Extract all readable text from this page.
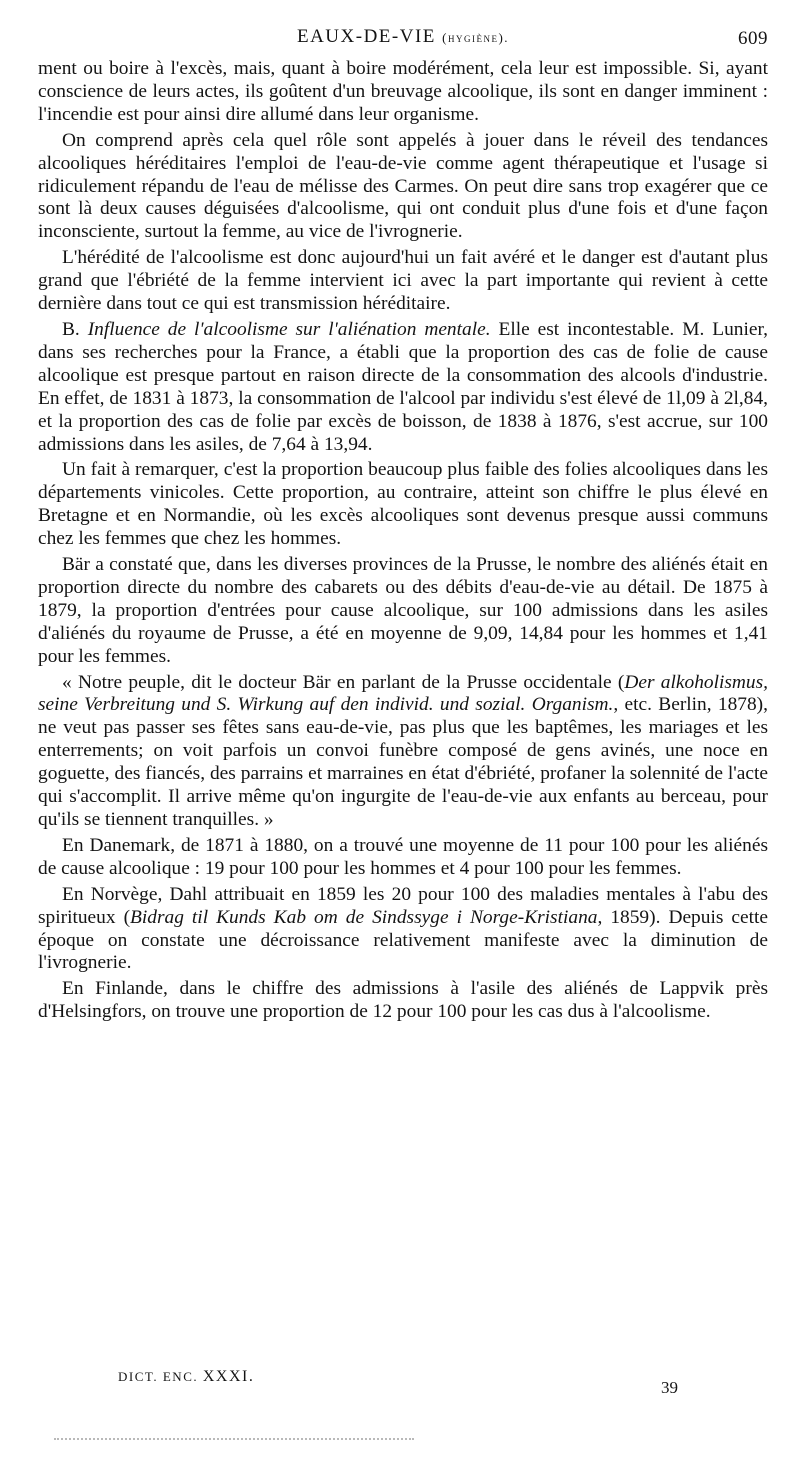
EAUX-DE-VIE (hygiène).	609

ment ou boire à l'excès, mais, quant à boire modérément, cela leur est impossible. Si, ayant conscience de leurs actes, ils goûtent d'un breuvage alcoolique, ils sont en danger imminent : l'incendie est pour ainsi dire allumé dans leur organisme.

On comprend après cela quel rôle sont appelés à jouer dans le réveil des tendances alcooliques héréditaires l'emploi de l'eau-de-vie comme agent thérapeutique et l'usage si ridiculement répandu de l'eau de mélisse des Carmes. On peut dire sans trop exagérer que ce sont là deux causes déguisées d'alcoolisme, qui ont conduit plus d'une fois et d'une façon inconsciente, surtout la femme, au vice de l'ivrognerie.

L'hérédité de l'alcoolisme est donc aujourd'hui un fait avéré et le danger est d'autant plus grand que l'ébriété de la femme intervient ici avec la part importante qui revient à cette dernière dans tout ce qui est transmission héréditaire.

B. Influence de l'alcoolisme sur l'aliénation mentale. Elle est incontestable. M. Lunier, dans ses recherches pour la France, a établi que la proportion des cas de folie de cause alcoolique est presque partout en raison directe de la consommation des alcools d'industrie. En effet, de 1831 à 1873, la consommation de l'alcool par individu s'est élevé de 1l,09 à 2l,84, et la proportion des cas de folie par excès de boisson, de 1838 à 1876, s'est accrue, sur 100 admissions dans les asiles, de 7,64 à 13,94.

Un fait à remarquer, c'est la proportion beaucoup plus faible des folies alcooliques dans les départements vinicoles. Cette proportion, au contraire, atteint son chiffre le plus élevé en Bretagne et en Normandie, où les excès alcooliques sont devenus presque aussi communs chez les femmes que chez les hommes.

Bär a constaté que, dans les diverses provinces de la Prusse, le nombre des aliénés était en proportion directe du nombre des cabarets ou des débits d'eau-de-vie au détail. De 1875 à 1879, la proportion d'entrées pour cause alcoolique, sur 100 admissions dans les asiles d'aliénés du royaume de Prusse, a été en moyenne de 9,09, 14,84 pour les hommes et 1,41 pour les femmes.

« Notre peuple, dit le docteur Bär en parlant de la Prusse occidentale (Der alkoholismus, seine Verbreitung und S. Wirkung auf den individ. und sozial. Organism., etc. Berlin, 1878), ne veut pas passer ses fêtes sans eau-de-vie, pas plus que les baptêmes, les mariages et les enterrements; on voit parfois un convoi funèbre composé de gens avinés, une noce en goguette, des fiancés, des parrains et marraines en état d'ébriété, profaner la solennité de l'acte qui s'accomplit. Il arrive même qu'on ingurgite de l'eau-de-vie aux enfants au berceau, pour qu'ils se tiennent tranquilles. »

En Danemark, de 1871 à 1880, on a trouvé une moyenne de 11 pour 100 pour les aliénés de cause alcoolique : 19 pour 100 pour les hommes et 4 pour 100 pour les femmes.

En Norvège, Dahl attribuait en 1859 les 20 pour 100 des maladies mentales à l'abu des spiritueux (Bidrag til Kunds Kab om de Sindssyge i Norge-Kristiana, 1859). Depuis cette époque on constate une décroissance relativement manifeste avec la diminution de l'ivrognerie.

En Finlande, dans le chiffre des admissions à l'asile des aliénés de Lappvik près d'Helsingfors, on trouve une proportion de 12 pour 100 pour les cas dus à l'alcoolisme.

DICT. ENC. XXXI.
39
